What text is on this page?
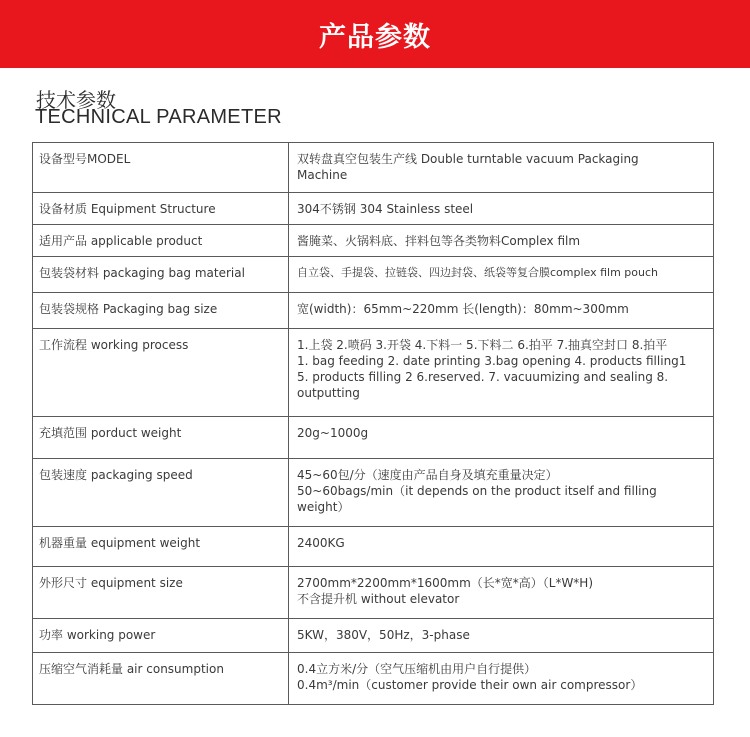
产品参数
技术参数
TECHNICAL PARAMETER
设备型号MODEL	双转盘真空包装生产线 Double turntable vacuum Packaging
Machine

设备材质 Equipment Structure	304不锈钢 304 Stainless steel

适用产品 applicable product	酱腌菜、火锅料底、拌料包等各类物料Complex film

包装袋材料 packaging bag material	自立袋、手提袋、拉链袋、四边封袋、纸袋等复合膜complex film pouch

包装袋规格 Packaging bag size	宽(width)：65mm~220mm 长(length)：80mm~300mm

工作流程 working process	1.上袋 2.喷码 3.开袋 4.下料一 5.下料二 6.拍平 7.抽真空封口 8.拍平
1. bag feeding 2. date printing 3.bag opening 4. products filling1
5. products filling 2 6.reserved. 7. vacuumizing and sealing 8.
outputting

充填范围 porduct weight	20g~1000g

包装速度 packaging speed	45~60包/分（速度由产品自身及填充重量决定）
50~60bags/min（it depends on the product itself and filling
weight）

机器重量 equipment weight	2400KG

外形尺寸 equipment size	2700mm*2200mm*1600mm（长*宽*高）（L*W*H)
不含提升机 without elevator

功率 working power	5KW，380V，50Hz，3-phase

压缩空气消耗量 air consumption	0.4立方米/分（空气压缩机由用户自行提供）
0.4m³/min（customer provide their own air compressor）
